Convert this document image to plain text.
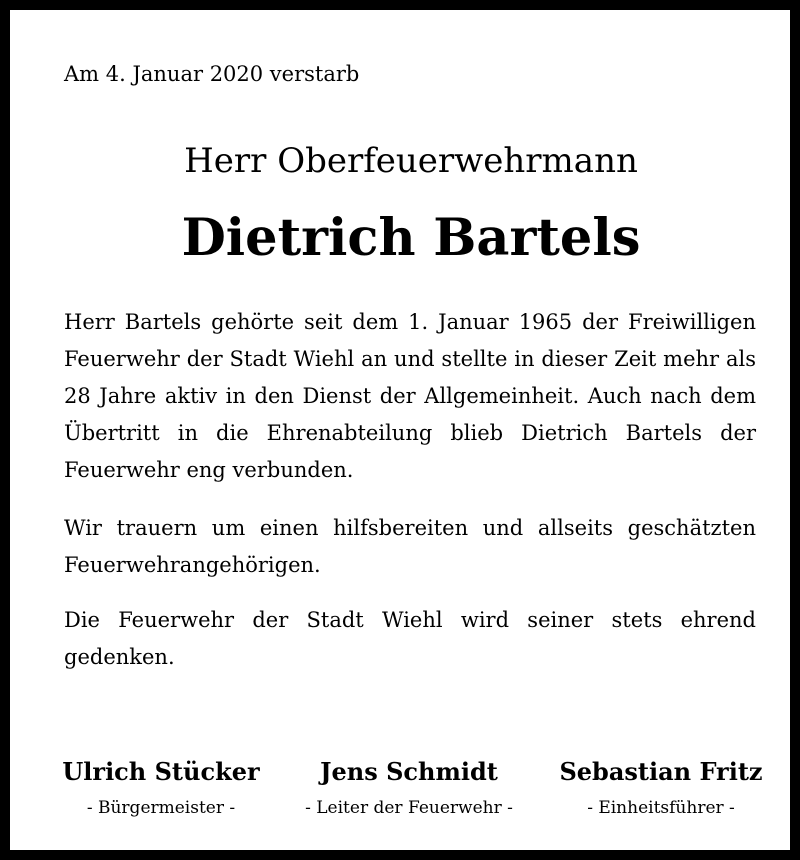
Am 4. Januar 2020 verstarb
Herr Oberfeuerwehrmann
Dietrich Bartels

Herr Bartels gehörte seit dem 1. Januar 1965 der Freiwilligen Feuerwehr der Stadt Wiehl an und stellte in dieser Zeit mehr als 28 Jahre aktiv in den Dienst der Allgemeinheit. Auch nach dem Übertritt in die Ehrenabteilung blieb Dietrich Bartels der Feuerwehr eng verbunden.

Wir trauern um einen hilfsbereiten und allseits geschätzten Feuerwehrangehörigen.

Die Feuerwehr der Stadt Wiehl wird seiner stets ehrend gedenken.

Ulrich Stücker
- Bürgermeister -
Jens Schmidt
- Leiter der Feuerwehr -
Sebastian Fritz
- Einheitsführer -
